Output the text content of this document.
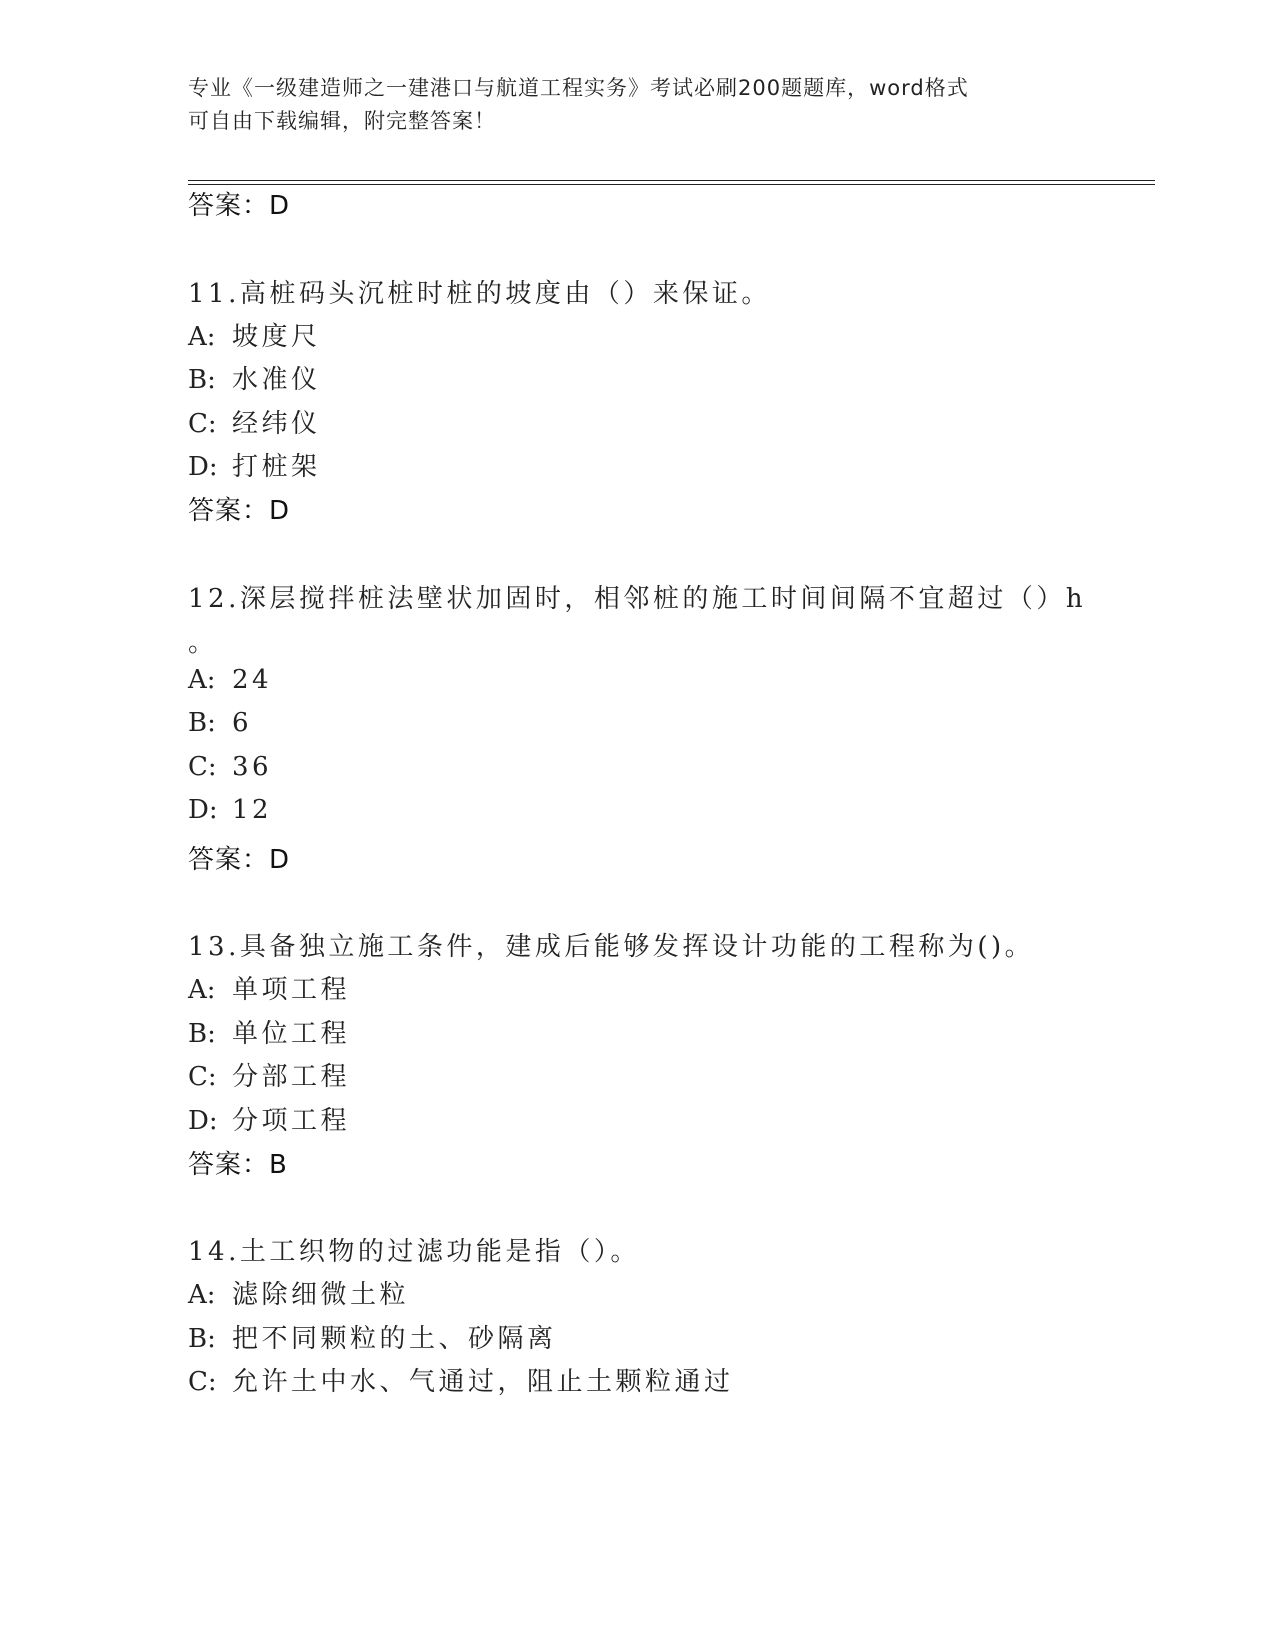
专业《一级建造师之一建港口与航道工程实务》考试必刷200题题库，word格式
可自由下载编辑，附完整答案！
答案：D
11.高桩码头沉桩时桩的坡度由（）来保证。
A: 坡度尺
B: 水准仪
C: 经纬仪
D: 打桩架
答案：D
12.深层搅拌桩法壁状加固时，相邻桩的施工时间间隔不宜超过（）h
。
A: 24
B: 6
C: 36
D: 12
答案：D
13.具备独立施工条件，建成后能够发挥设计功能的工程称为()。
A: 单项工程
B: 单位工程
C: 分部工程
D: 分项工程
答案：B
14.土工织物的过滤功能是指（）。
A: 滤除细微土粒
B: 把不同颗粒的土、砂隔离
C: 允许土中水、气通过，阻止土颗粒通过
